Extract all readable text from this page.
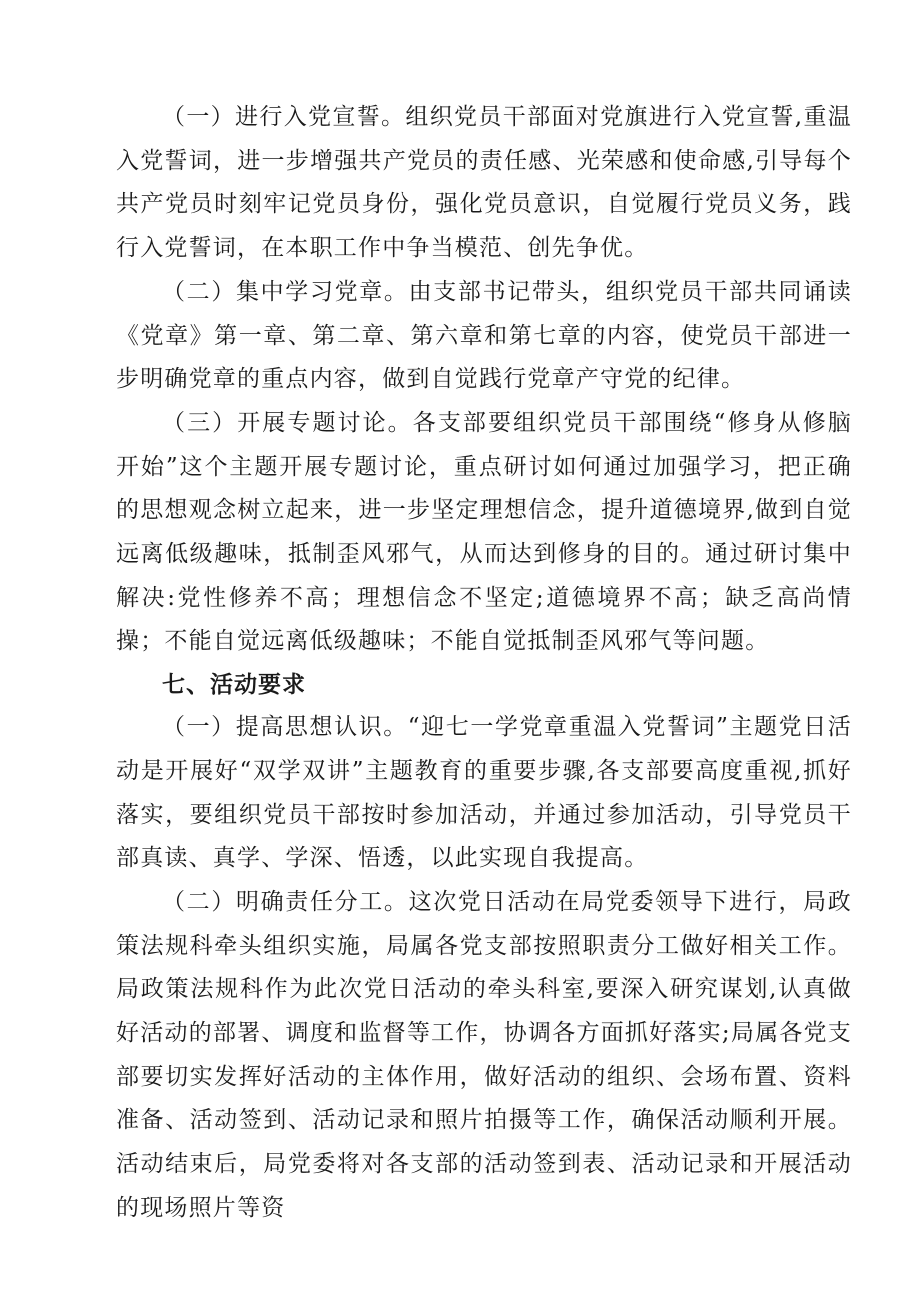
（一）进行入党宣誓。组织党员干部面对党旗进行入党宣誓,重温入党誓词，进一步增强共产党员的责任感、光荣感和使命感,引导每个共产党员时刻牢记党员身份，强化党员意识，自觉履行党员义务，践行入党誓词，在本职工作中争当模范、创先争优。

（二）集中学习党章。由支部书记带头，组织党员干部共同诵读《党章》第一章、第二章、第六章和第七章的内容，使党员干部进一步明确党章的重点内容，做到自觉践行党章产守党的纪律。

（三）开展专题讨论。各支部要组织党员干部围绕“修身从修脑开始”这个主题开展专题讨论，重点研讨如何通过加强学习，把正确的思想观念树立起来，进一步坚定理想信念，提升道德境界,做到自觉远离低级趣味，抵制歪风邪气，从而达到修身的目的。通过研讨集中解决:党性修养不高；理想信念不坚定;道德境界不高；缺乏高尚情操；不能自觉远离低级趣味；不能自觉抵制歪风邪气等问题。

七、活动要求

（一）提高思想认识。“迎七一学党章重温入党誓词”主题党日活动是开展好“双学双讲”主题教育的重要步骤,各支部要高度重视,抓好落实，要组织党员干部按时参加活动，并通过参加活动，引导党员干部真读、真学、学深、悟透，以此实现自我提高。

（二）明确责任分工。这次党日活动在局党委领导下进行，局政策法规科牵头组织实施，局属各党支部按照职责分工做好相关工作。局政策法规科作为此次党日活动的牵头科室,要深入研究谋划,认真做好活动的部署、调度和监督等工作，协调各方面抓好落实;局属各党支部要切实发挥好活动的主体作用，做好活动的组织、会场布置、资料准备、活动签到、活动记录和照片拍摄等工作，确保活动顺利开展。活动结束后，局党委将对各支部的活动签到表、活动记录和开展活动的现场照片等资
